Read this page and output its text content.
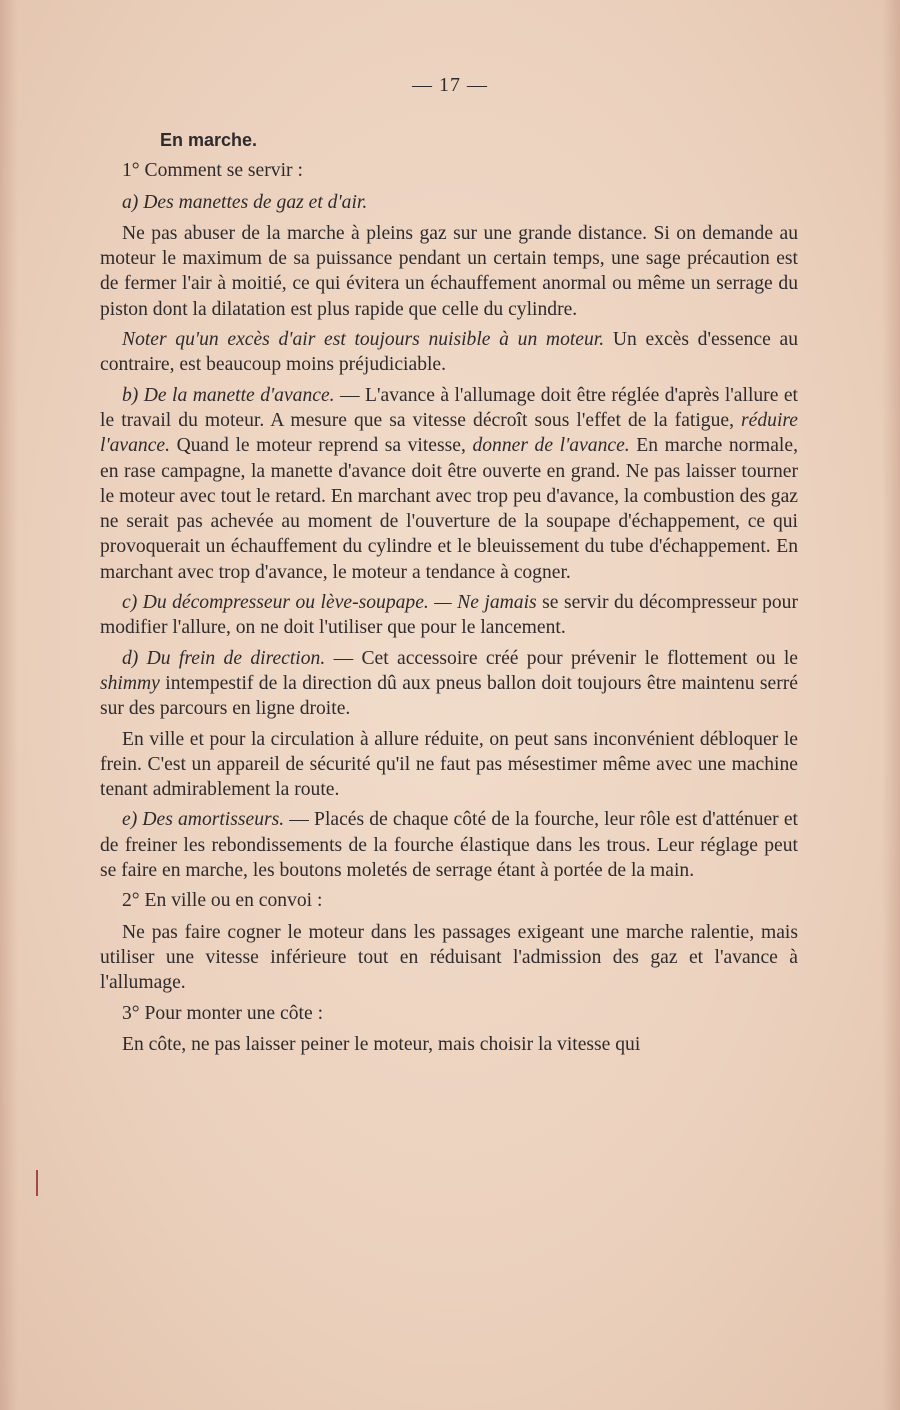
— 17 —

En marche.

1° Comment se servir :

a) Des manettes de gaz et d'air.

Ne pas abuser de la marche à pleins gaz sur une grande distance. Si on demande au moteur le maximum de sa puissance pendant un certain temps, une sage précaution est de fermer l'air à moitié, ce qui évitera un échauffement anormal ou même un serrage du piston dont la dilatation est plus rapide que celle du cylindre.

Noter qu'un excès d'air est toujours nuisible à un moteur. Un excès d'essence au contraire, est beaucoup moins préjudiciable.

b) De la manette d'avance. — L'avance à l'allumage doit être réglée d'après l'allure et le travail du moteur. A mesure que sa vitesse décroît sous l'effet de la fatigue, réduire l'avance. Quand le moteur reprend sa vitesse, donner de l'avance. En marche normale, en rase campagne, la manette d'avance doit être ouverte en grand. Ne pas laisser tourner le moteur avec tout le retard. En marchant avec trop peu d'avance, la combustion des gaz ne serait pas achevée au moment de l'ouverture de la soupape d'échappement, ce qui provoquerait un échauffement du cylindre et le bleuissement du tube d'échappement. En marchant avec trop d'avance, le moteur a tendance à cogner.

c) Du décompresseur ou lève-soupape. — Ne jamais se servir du décompresseur pour modifier l'allure, on ne doit l'utiliser que pour le lancement.

d) Du frein de direction. — Cet accessoire créé pour prévenir le flottement ou le shimmy intempestif de la direction dû aux pneus ballon doit toujours être maintenu serré sur des parcours en ligne droite.

En ville et pour la circulation à allure réduite, on peut sans inconvénient débloquer le frein. C'est un appareil de sécurité qu'il ne faut pas mésestimer même avec une machine tenant admirablement la route.

e) Des amortisseurs. — Placés de chaque côté de la fourche, leur rôle est d'atténuer et de freiner les rebondissements de la fourche élastique dans les trous. Leur réglage peut se faire en marche, les boutons moletés de serrage étant à portée de la main.

2° En ville ou en convoi :

Ne pas faire cogner le moteur dans les passages exigeant une marche ralentie, mais utiliser une vitesse inférieure tout en réduisant l'admission des gaz et l'avance à l'allumage.

3° Pour monter une côte :

En côte, ne pas laisser peiner le moteur, mais choisir la vitesse qui
